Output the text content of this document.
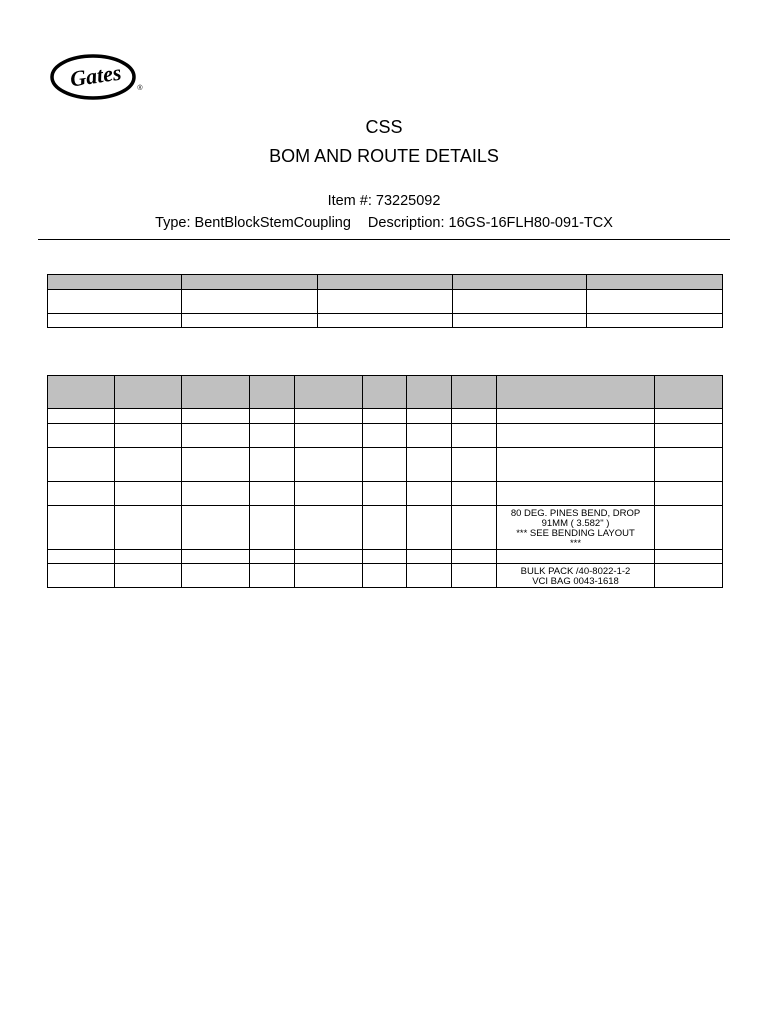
Gates ®
CSS
BOM AND ROUTE DETAILS
Item #: 73225092
Type: BentBlockStemCoupling Description: 16GS-16FLH80-091-TCX

								80 DEG. PINES BEND, DROP
91MM ( 3.582" )
*** SEE BENDING LAYOUT
***	

								BULK PACK /40-8022-1-2
VCI BAG 0043-1618	
